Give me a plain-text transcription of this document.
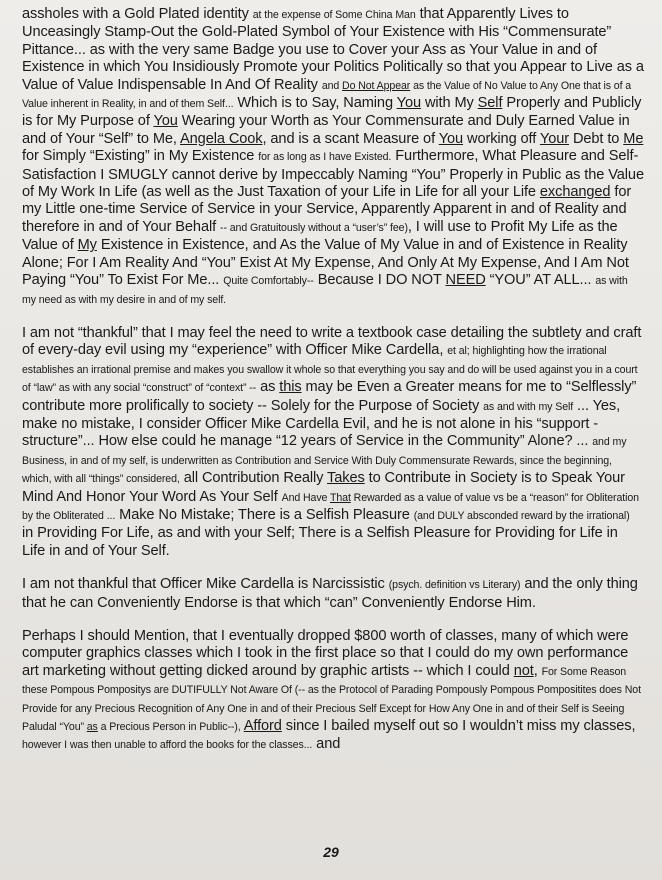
assholes with a Gold Plated identity at the expense of Some China Man that Apparently Lives to Unceasingly Stamp-Out the Gold-Plated Symbol of Your Existence with His “Commensurate” Pittance... as with the very same Badge you use to Cover your Ass as Your Value in and of Existence in which You Insidiously Promote your Politics Politically so that you Appear to Live as a Value of Value Indispensable In And Of Reality and Do Not Appear as the Value of No Value to Any One that is of a Value inherent in Reality, in and of them Self... Which is to Say, Naming You with My Self Properly and Publicly is for My Purpose of You Wearing your Worth as Your Commensurate and Duly Earned Value in and of Your “Self” to Me, Angela Cook, and is a scant Measure of You working off Your Debt to Me for Simply “Existing” in My Existence for as long as I have Existed. Furthermore, What Pleasure and Self-Satisfaction I SMUGLY cannot derive by Impeccably Naming “You” Properly in Public as the Value of My Work In Life (as well as the Just Taxation of your Life in Life for all your Life exchanged for my Little one-time Service of Service in your Service, Apparently Apparent in and of Reality and therefore in and of Your Behalf -- and Gratuitously without a “user’s” fee), I will use to Profit My Life as the Value of My Existence in Existence, and As the Value of My Value in and of Existence in Reality Alone; For I Am Reality And “You” Exist At My Expense, And Only At My Expense, And I Am Not Paying “You” To Exist For Me... Quite Comfortably-- Because I DO NOT NEED “YOU” AT ALL... as with my need as with my desire in and of my self.

I am not “thankful” that I may feel the need to write a textbook case detailing the subtlety and craft of every-day evil using my “experience” with Officer Mike Cardella, et al; highlighting how the irrational establishes an irrational premise and makes you swallow it whole so that everything you say and do will be used against you in a court of “law” as with any social “construct” of “context” -- as this may be Even a Greater means for me to “Selflessly” contribute more prolifically to society -- Solely for the Purpose of Society as and with my Self ... Yes, make no mistake, I consider Officer Mike Cardella Evil, and he is not alone in his “support - structure”... How else could he manage “12 years of Service in the Community” Alone? ... and my Business, in and of my self, is underwritten as Contribution and Service With Duly Commensurate Rewards, since the beginning, which, with all “things” considered, all Contribution Really Takes to Contribute in Society is to Speak Your Mind And Honor Your Word As Your Self And Have That Rewarded as a value of value vs be a “reason” for Obliteration by the Obliterated ... Make No Mistake; There is a Selfish Pleasure (and DULY absconded reward by the irrational) in Providing For Life, as and with your Self; There is a Selfish Pleasure for Providing for Life in Life in and of Your Self.

I am not thankful that Officer Mike Cardella is Narcissistic (psych. definition vs Literary) and the only thing that he can Conveniently Endorse is that which “can” Conveniently Endorse Him.

Perhaps I should Mention, that I eventually dropped $800 worth of classes, many of which were computer graphics classes which I took in the first place so that I could do my own performance art marketing without getting dicked around by graphic artists -- which I could not, For Some Reason these Pompous Pompositys are DUTIFULLY Not Aware Of (-- as the Protocol of Parading Pompously Pompous Pompositites does Not Provide for any Precious Recognition of Any One in and of their Precious Self Except for How Any One in and of their Self is Seeing Paludal “You” as a Precious Person in Public--), Afford since I bailed myself out so I wouldn’t miss my classes, however I was then unable to afford the books for the classes... and

29
